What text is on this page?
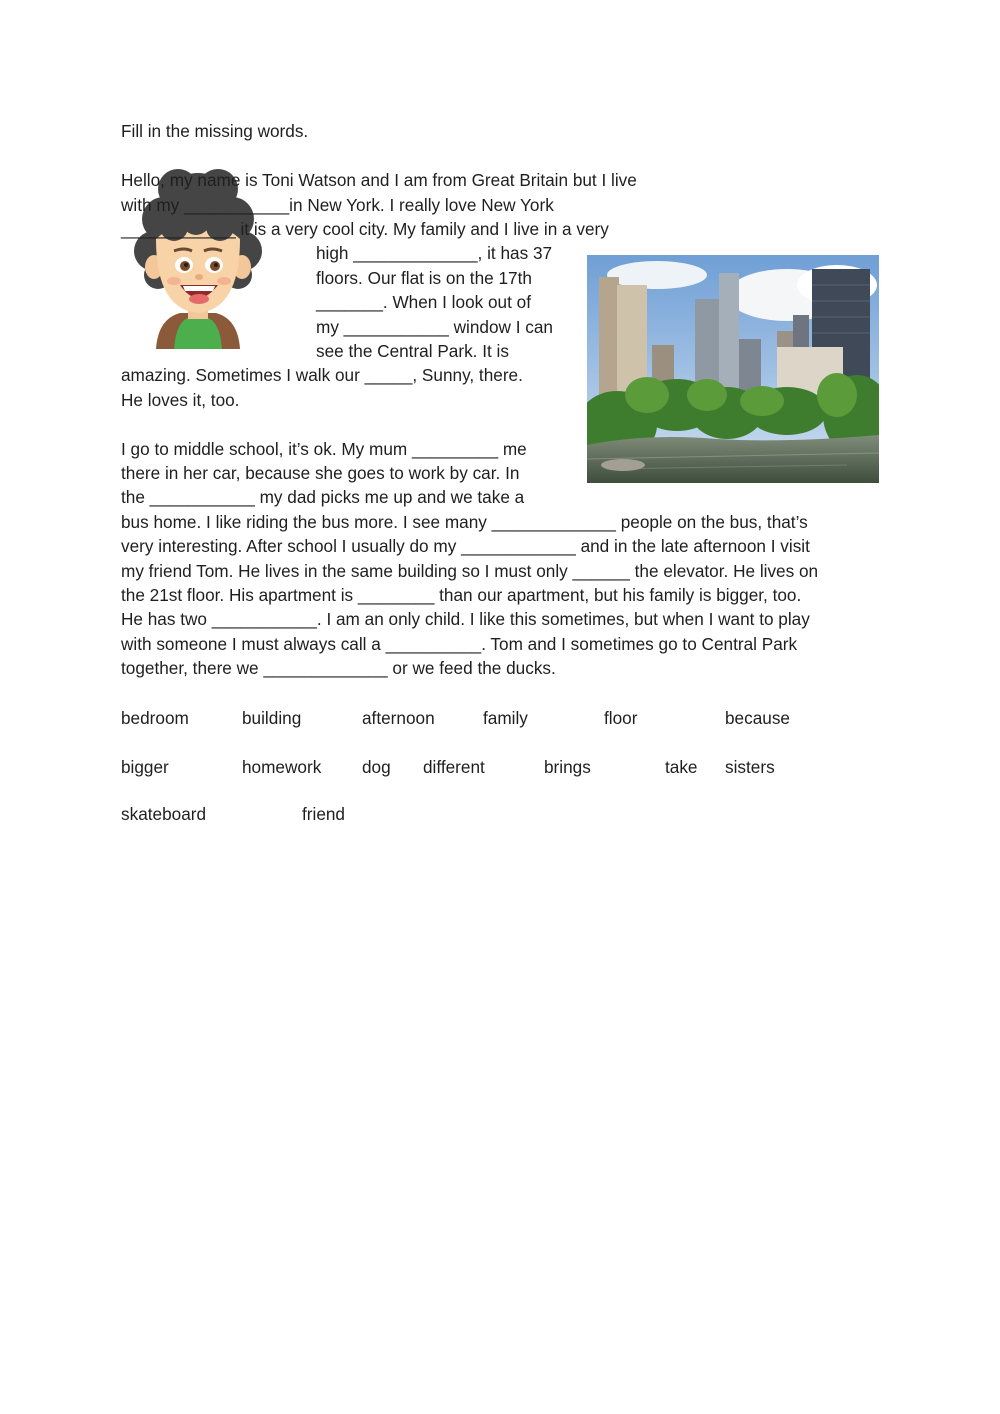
Fill in the missing words.
Hello, my name is Toni Watson and I am from Great Britain but I live
with my ___________in New York. I really love New York
____________ it is a very cool city. My family and I live in a very
high _____________, it has 37
floors. Our flat is on the 17th
_______. When I look out of
my ___________ window I can
see the Central Park. It is
amazing. Sometimes I walk our _____, Sunny, there.
He loves it, too.
I go to middle school, it’s ok. My mum _________ me
there in her car, because she goes to work by car. In
the ___________ my dad picks me up and we take a
bus home. I like riding the bus more. I see many _____________ people on the bus, that’s
very interesting. After school I usually do my ____________ and in the late afternoon I visit
my friend Tom. He lives in the same building so I must only ______ the elevator. He lives on
the 21st floor. His apartment is ________ than our apartment, but his family is bigger, too.
He has two ___________. I am an only child. I like this sometimes, but when I want to play
with someone I must always call a __________. Tom and I sometimes go to Central Park
together, there we _____________ or we feed the ducks.
bedroom	building	afternoon	family	floor	because
bigger	homework dog different	brings	take sisters
skateboard	friend
